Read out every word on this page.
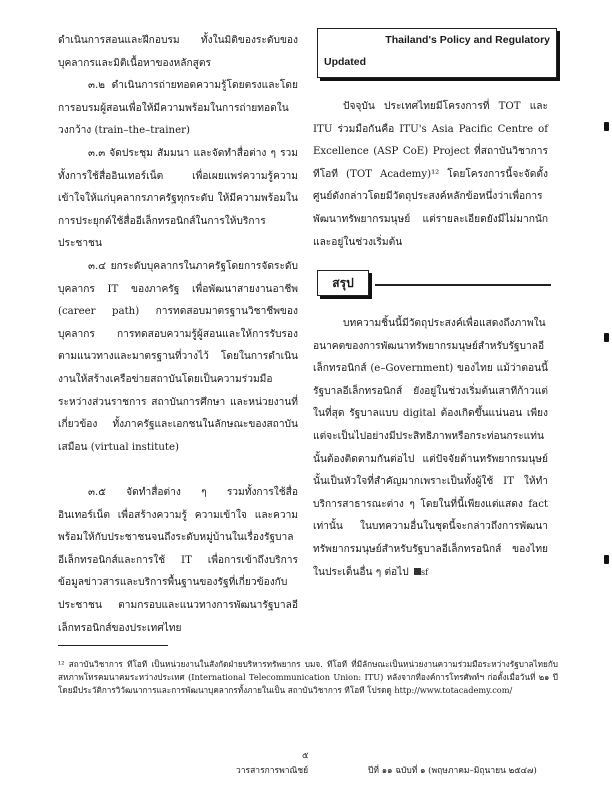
ดำเนินการสอนและฝึกอบรม ทั้งในมิติของระดับของบุคลากรและมิติเนื้อหาของหลักสูตร

๓.๒ ดำเนินการถ่ายทอดความรู้โดยตรงและโดยการอบรมผู้สอนเพื่อให้มีความพร้อมในการถ่ายทอดในวงกว้าง (train–the–trainer)

๓.๓ จัดประชุม สัมมนา และจัดทำสื่อต่าง ๆ รวมทั้งการใช้สื่ออินเทอร์เน็ต เพื่อเผยแพร่ความรู้ความเข้าใจให้แก่บุคลากรภาครัฐทุกระดับ ให้มีความพร้อมในการประยุกต์ใช้สื่ออีเล็กทรอนิกส์ในการให้บริการประชาชน

๓.๔ ยกระดับบุคลากรในภาครัฐโดยการจัดระดับบุคลากร IT ของภาครัฐ เพื่อพัฒนาสายงานอาชีพ (career path) การทดสอบมาตรฐานวิชาชีพของบุคลากร การทดสอบความรู้ผู้สอนและให้การรับรองตามแนวทางและมาตรฐานที่วางไว้ โดยในการดำเนินงานให้สร้างเครือข่ายสถาบันโดยเป็นความร่วมมือระหว่างส่วนราชการ สถาบันการศึกษา และหน่วยงานที่เกี่ยวข้อง ทั้งภาครัฐและเอกชนในลักษณะของสถาบันเสมือน (virtual institute)

๓.๕ จัดทำสื่อต่าง ๆ รวมทั้งการใช้สื่ออินเทอร์เน็ต เพื่อสร้างความรู้ ความเข้าใจ และความพร้อมให้กับประชาชนจนถึงระดับหมู่บ้านในเรื่องรัฐบาลอีเล็กทรอนิกส์และการใช้ IT เพื่อการเข้าถึงบริการข้อมูลข่าวสารและบริการพื้นฐานของรัฐที่เกี่ยวข้องกับประชาชน ตามกรอบและแนวทางการพัฒนารัฐบาลอีเล็กทรอนิกส์ของประเทศไทย

Thailand's Policy and Regulatory
Updated

ปัจจุบัน ประเทศไทยมีโครงการที่ TOT และ ITU ร่วมมือกันคือ ITU's Asia Pacific Centre of Excellence (ASP CoE) Project ที่สถาบันวิชาการทีโอที (TOT Academy)¹² โดยโครงการนี้จะจัดตั้งศูนย์ดังกล่าวโดยมีวัตถุประสงค์หลักข้อหนึ่งว่าเพื่อการพัฒนาทรัพยากรมนุษย์ แต่รายละเอียดยังมีไม่มากนักและอยู่ในช่วงเริ่มต้น

สรุป

บทความชิ้นนี้มีวัตถุประสงค์เพื่อแสดงถึงภาพในอนาคตของการพัฒนาทรัพยากรมนุษย์สำหรับรัฐบาลอีเล็กทรอนิกส์ (e–Government) ของไทย แม้ว่าตอนนี้ รัฐบาลอีเล็กทรอนิกส์ ยังอยู่ในช่วงเริ่มต้นเสาทีก้าวแต่ในที่สุด รัฐบาลแบบ digital ต้องเกิดขึ้นแน่นอน เพียงแต่จะเป็นไปอย่างมีประสิทธิภาพหรือกระท่อนกระแท่นนั้นต้องติดตามกันต่อไป แต่ปัจจัยด้านทรัพยากรมนุษย์นั้นเป็นหัวใจที่สำคัญมากเพราะเป็นทั้งผู้ใช้ IT ให้ทำบริการสาธารณะต่าง ๆ โดยในที่นี้เพียงแต่แสดง fact เท่านั้น ในบทความอื่นในชุดนี้จะกล่าวถึงการพัฒนาทรัพยากรมนุษย์สำหรับรัฐบาลอีเล็กทรอนิกส์ ของไทยในประเด็นอื่น ๆ ต่อไป sf

¹² สถาบันวิชาการ ทีโอที เป็นหน่วยงานในสังกัดฝ่ายบริหารทรัพยากร บมจ. ทีโอที ที่มีลักษณะเป็นหน่วยงานความร่วมมือระหว่างรัฐบาลไทยกับสหภาพโทรคมนาคมระหว่างประเทศ (International Telecommunication Union: ITU) หลังจากที่องค์การโทรศัพท์ฯ ก่อตั้งเมื่อวันที่ ๒๑ ปี โดยมีประวัติการวิวัฒนาการและการพัฒนาบุคลากรทั้งภายในเป็น สถาบันวิชาการ ทีโอที โปรดดู http://www.totacademy.com/

๕
วารสารการพาณิชย์	ปีที่ ๑๑ ฉบับที่ ๑ (พฤษภาคม–มิถุนายน ๒๕๔๗)
